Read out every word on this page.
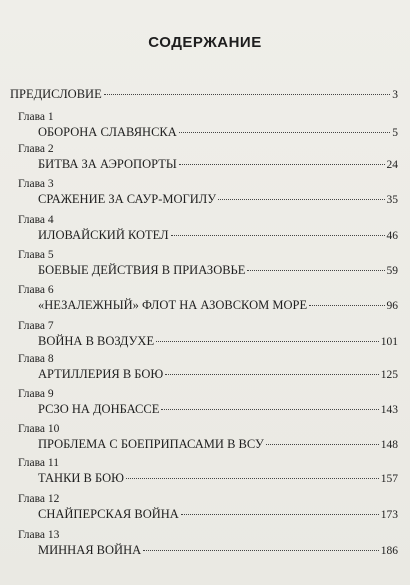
СОДЕРЖАНИЕ
ПРЕДИСЛОВИЕ	3
Глава 1
ОБОРОНА СЛАВЯНСКА	5
Глава 2
БИТВА ЗА АЭРОПОРТЫ	24
Глава 3
СРАЖЕНИЕ ЗА САУР-МОГИЛУ	35
Глава 4
ИЛОВАЙСКИЙ КОТЕЛ	46
Глава 5
БОЕВЫЕ ДЕЙСТВИЯ В ПРИАЗОВЬЕ	59
Глава 6
«НЕЗАЛЕЖНЫЙ» ФЛОТ НА АЗОВСКОМ МОРЕ	96
Глава 7
ВОЙНА В ВОЗДУХЕ	101
Глава 8
АРТИЛЛЕРИЯ В БОЮ	125
Глава 9
РСЗО НА ДОНБАССЕ	143
Глава 10
ПРОБЛЕМА С БОЕПРИПАСАМИ В ВСУ	148
Глава 11
ТАНКИ В БОЮ	157
Глава 12
СНАЙПЕРСКАЯ ВОЙНА	173
Глава 13
МИННАЯ ВОЙНА	186
